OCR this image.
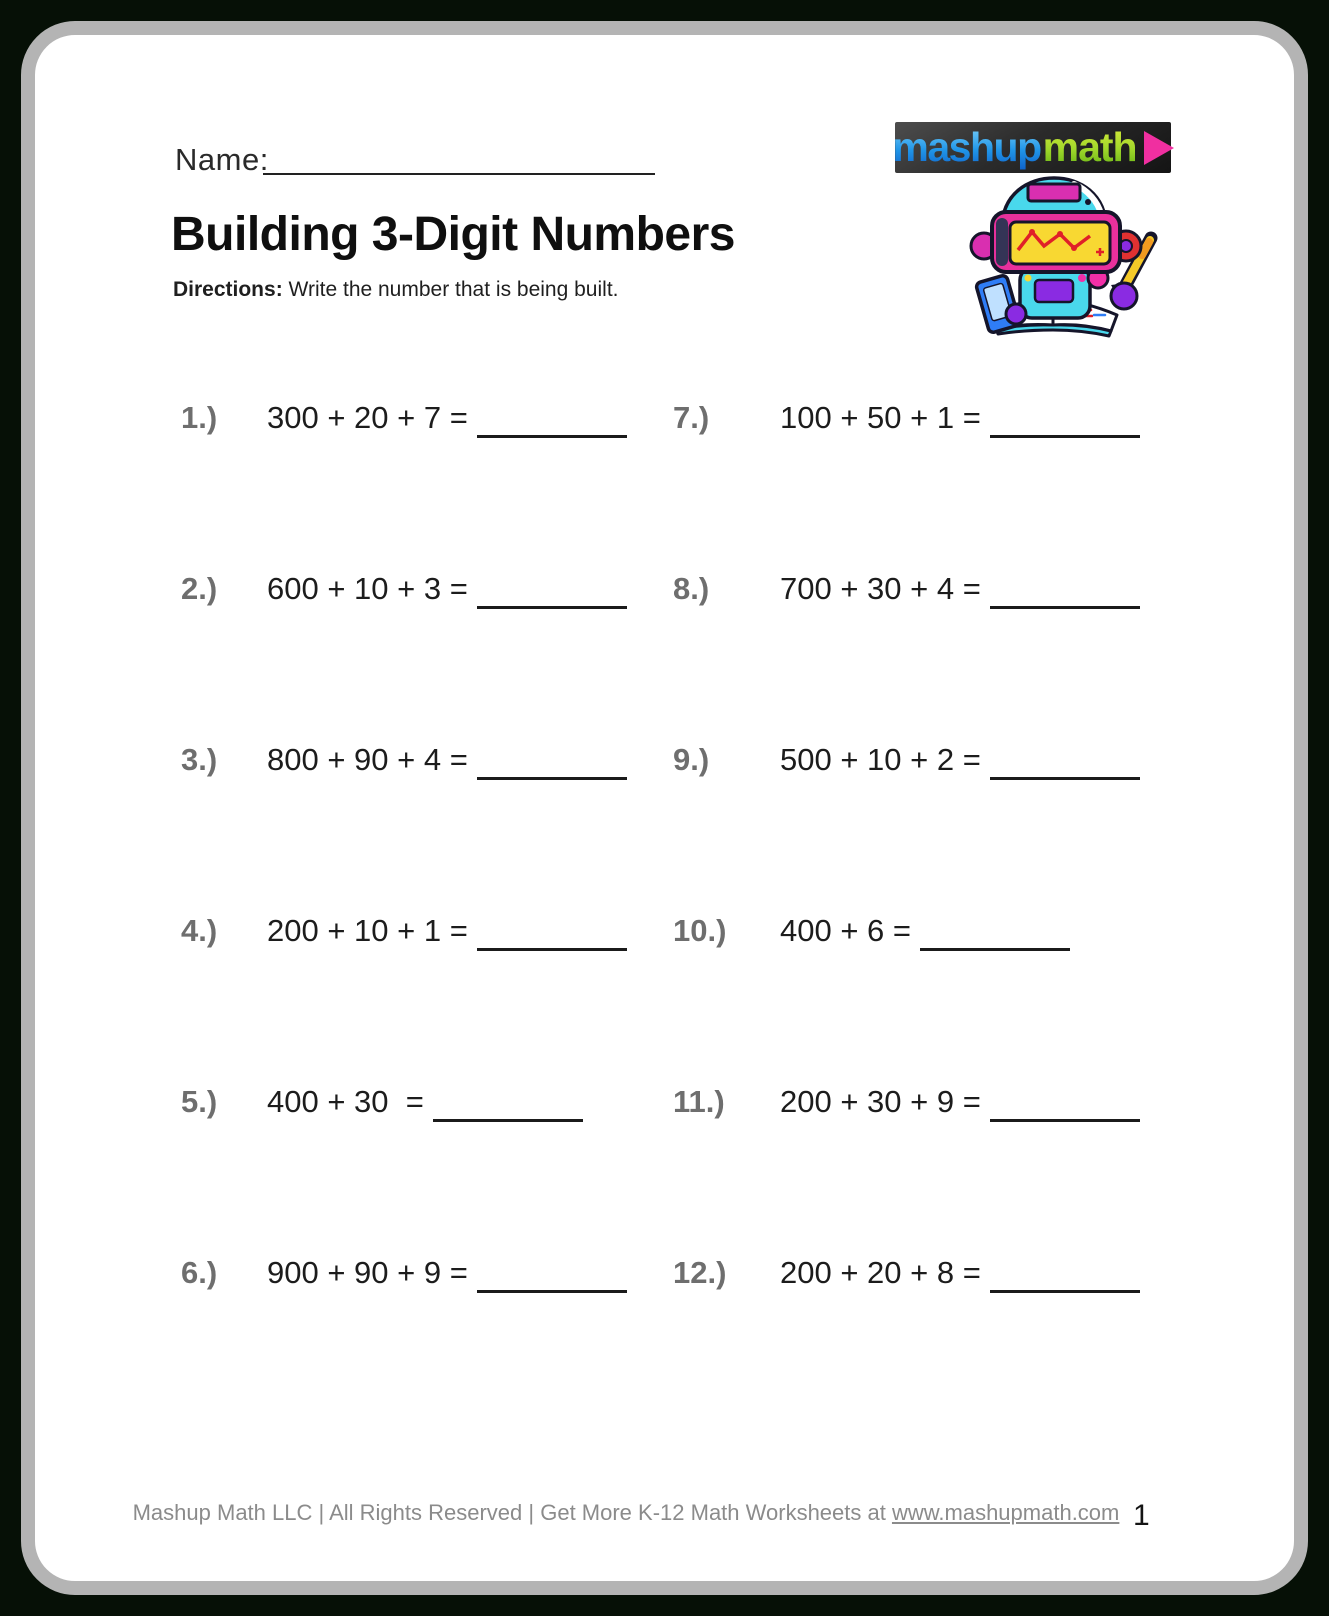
Name:	mashup math
Building 3-Digit Numbers
Directions: Write the number that is being built.
1.)	300 + 20 + 7 =
2.)	600 + 10 + 3 =
3.)	800 + 90 + 4 =
4.)	200 + 10 + 1 =
5.)	400 + 30  =
6.)	900 + 90 + 9 =
7.)	100 + 50 + 1 =
8.)	700 + 30 + 4 =
9.)	500 + 10 + 2 =
10.)	400 + 6 =
11.)	200 + 30 + 9 =
12.)	200 + 20 + 8 =
Mashup Math LLC | All Rights Reserved | Get More K-12 Math Worksheets at www.mashupmath.com 1
